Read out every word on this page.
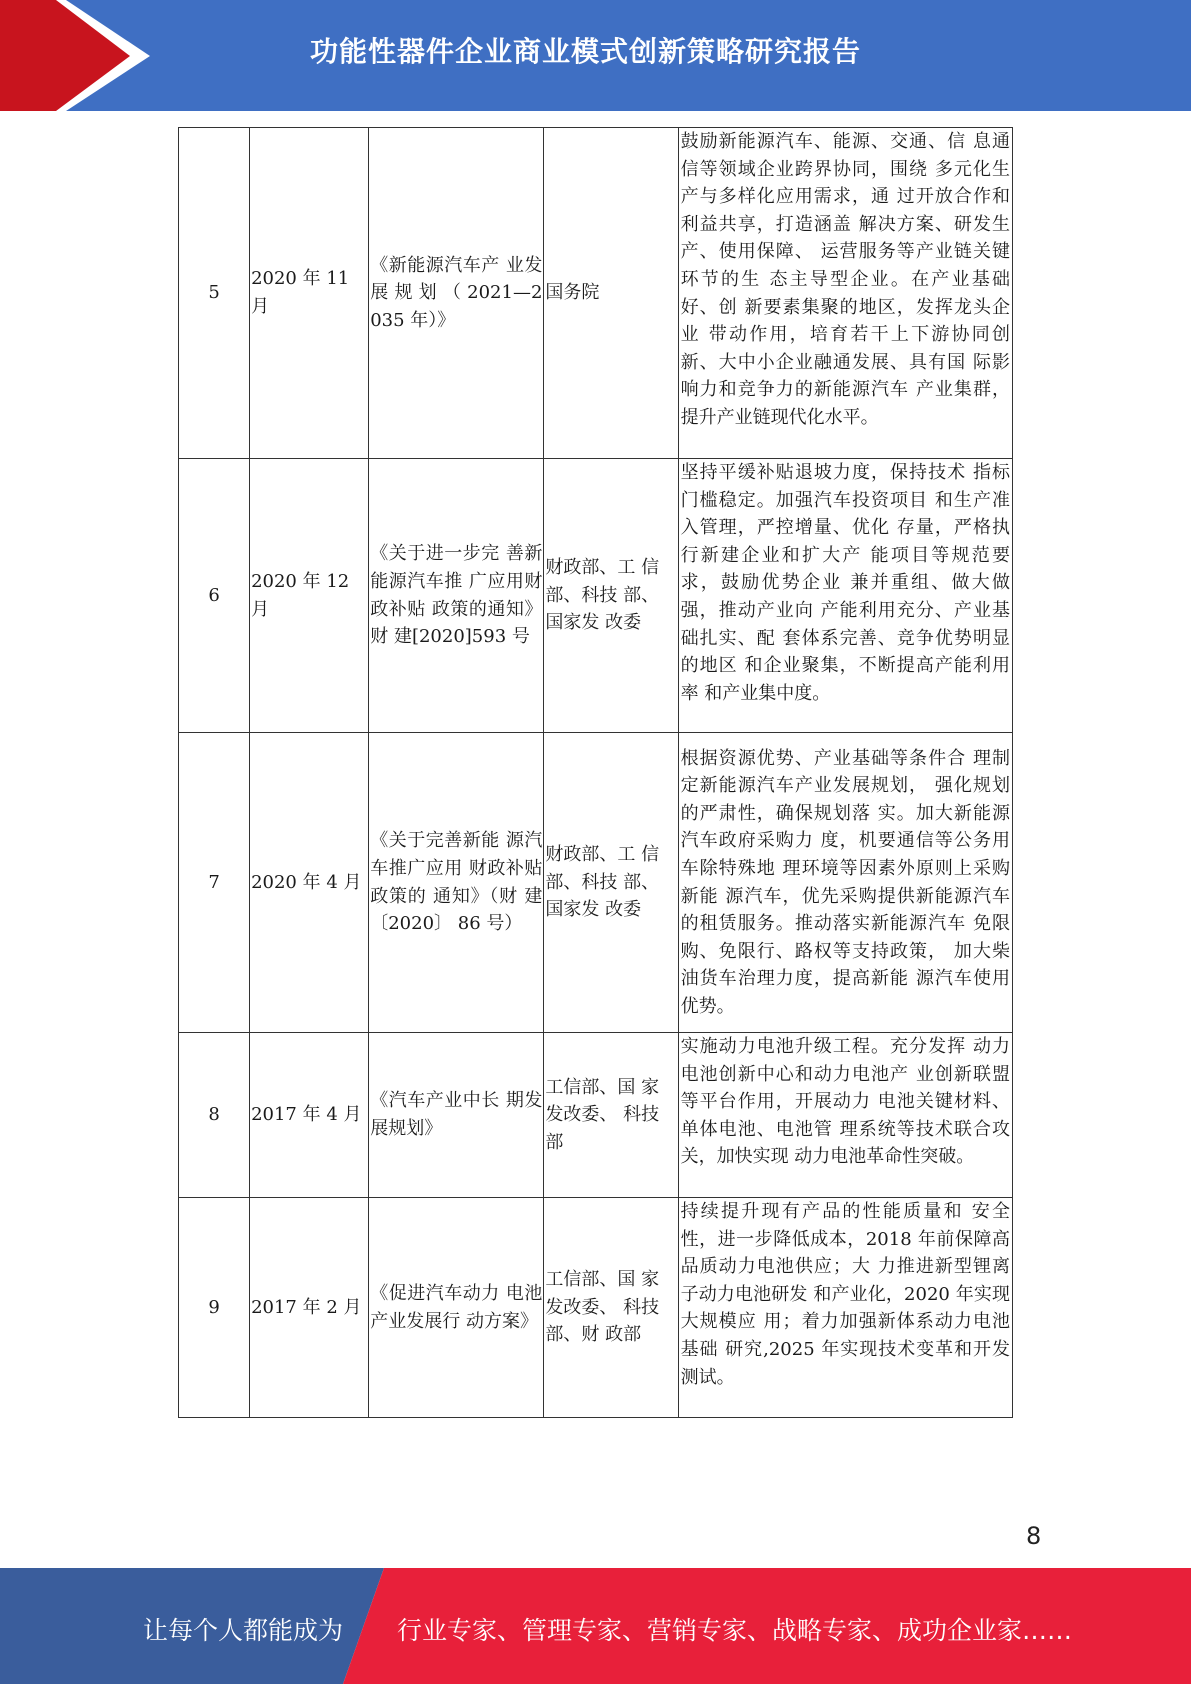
功能性器件企业商业模式创新策略研究报告
5	2020 年 11 月	《新能源汽车产 业发 展 规 划 （ 2021—2035 年）》	国务院	鼓励新能源汽车、能源、交通、信 息通信等领域企业跨界协同，围绕 多元化生产与多样化应用需求，通 过开放合作和利益共享，打造涵盖 解决方案、研发生产、使用保障、 运营服务等产业链关键环节的生 态主导型企业。在产业基础好、创 新要素集聚的地区，发挥龙头企业 带动作用，培育若干上下游协同创 新、大中小企业融通发展、具有国 际影响力和竞争力的新能源汽车 产业集群，提升产业链现代化水平。
6	2020 年 12 月	《关于进一步完 善新能源汽车推 广应用财政补贴 政策的通知》财 建[2020]593 号	财政部、工 信部、科技 部、国家发 改委	坚持平缓补贴退坡力度，保持技术 指标门槛稳定。加强汽车投资项目 和生产准入管理，严控增量、优化 存量，严格执行新建企业和扩大产 能项目等规范要求，鼓励优势企业 兼并重组、做大做强，推动产业向 产能利用充分、产业基础扎实、配 套体系完善、竞争优势明显的地区 和企业聚集，不断提高产能利用率 和产业集中度。
7	2020 年 4 月	《关于完善新能 源汽车推广应用 财政补贴政策的 通知》（财 建 〔2020〕 86 号）	财政部、工 信部、科技 部、国家发 改委	根据资源优势、产业基础等条件合 理制定新能源汽车产业发展规划， 强化规划的严肃性，确保规划落 实。加大新能源汽车政府采购力 度，机要通信等公务用车除特殊地 理环境等因素外原则上采购新能 源汽车，优先采购提供新能源汽车 的租赁服务。推动落实新能源汽车 免限购、免限行、路权等支持政策， 加大柴油货车治理力度，提高新能 源汽车使用优势。
8	2017 年 4 月	《汽车产业中长 期发展规划》	工信部、国 家发改委、 科技部	实施动力电池升级工程。充分发挥 动力电池创新中心和动力电池产 业创新联盟等平台作用，开展动力 电池关键材料、单体电池、电池管 理系统等技术联合攻关，加快实现 动力电池革命性突破。
9	2017 年 2 月	《促进汽车动力 电池产业发展行 动方案》	工信部、国 家发改委、 科技部、财 政部	持续提升现有产品的性能质量和 安全性，进一步降低成本，2018 年前保障高品质动力电池供应；大 力推进新型锂离子动力电池研发 和产业化，2020 年实现大规模应 用；着力加强新体系动力电池基础 研究,2025 年实现技术变革和开发 测试。
8
让每个人都能成为 行业专家、管理专家、营销专家、战略专家、成功企业家……
